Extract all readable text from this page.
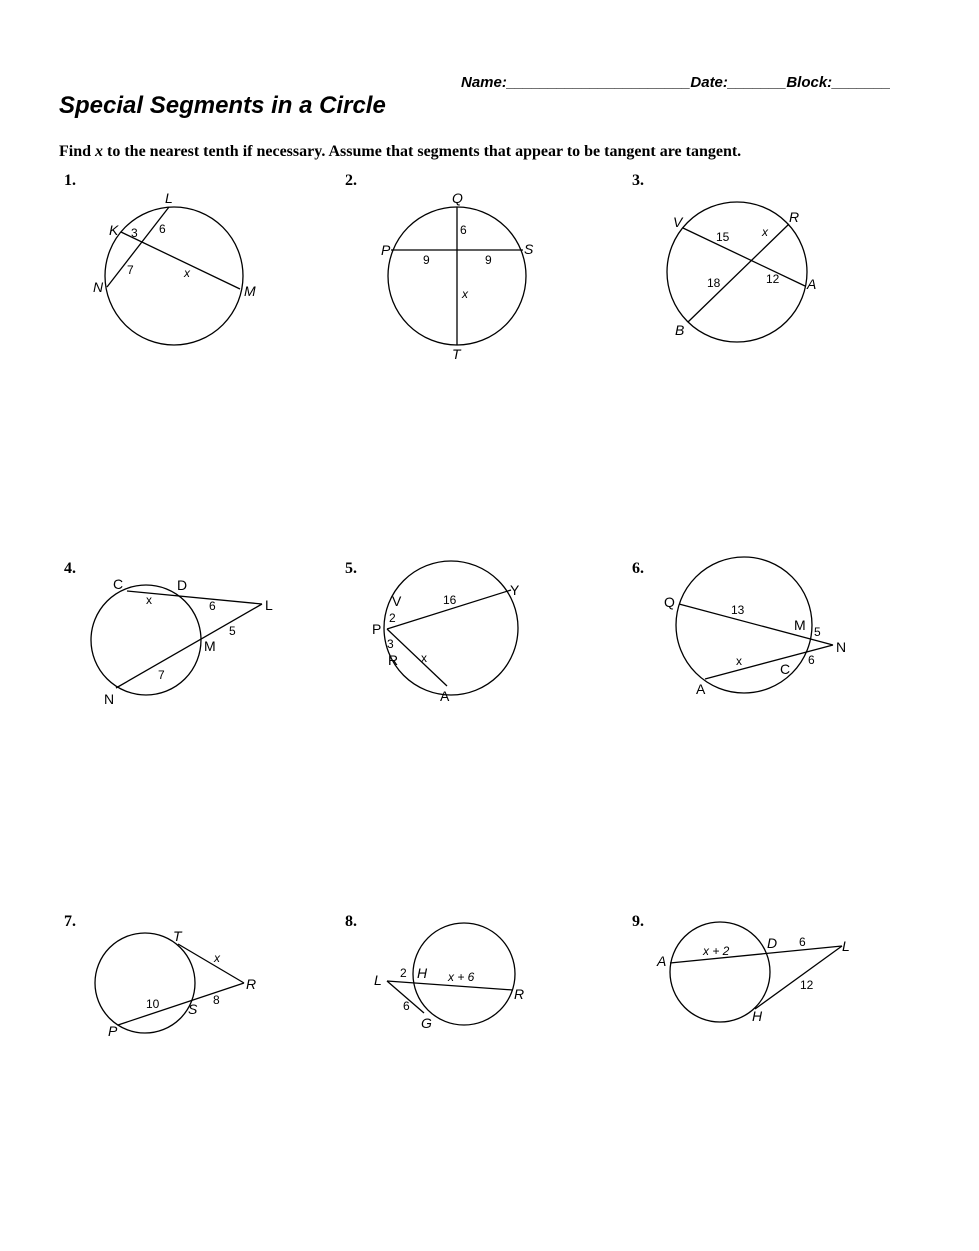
Name:______________________Date:_______Block:_______
Special Segments in a Circle

Find x to the nearest tenth if necessary. Assume that segments that appear to be tangent are tangent.

1.	2.	3.
4.	5.	6.
7.	8.	9.
L
K
N	M
3 6
7	x
Q
P	S
T
6
9	9
x
V	R
A
B
15	x
18	12
C	D
L
M
N
x	6
5
7
V
Y
P
R
A
16
2
3
x
Q
M
N
C
A
13
5
6
x
T
R
S
P
x
10	8
L	H
R
G
2	x + 6
6
A
D	L
H
x + 2
6
12
